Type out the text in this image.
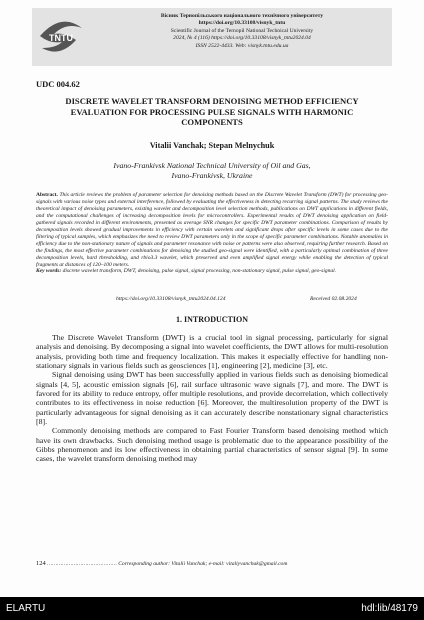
TNTU
Вісник Тернопільського національного технічного університету
https://doi.org/10.33108/visnyk_tntu
Scientific Journal of the Ternopil National Technical University
2024, № 4 (116) https://doi.org/10.33108/visnyk_tntu2024.04
ISSN 2522-4433. Web: visnyk.tntu.edu.ua
UDC 004.62
DISCRETE WAVELET TRANSFORM DENOISING METHOD EFFICIENCY EVALUATION FOR PROCESSING PULSE SIGNALS WITH HARMONIC COMPONENTS
Vitalii Vanchak; Stepan Melnychuk
Ivano-Frankivsk National Technical University of Oil and Gas,
Ivano-Frankivsk, Ukraine
Abstract. This article reviews the problem of parameter selection for denoising methods based on the Discrete Wavelet Transform (DWT) for processing geo-signals with various noise types and external interference, followed by evaluating the effectiveness in detecting recurring signal patterns. The study reviews the theoretical impact of denoising parameters, existing wavelet and decomposition level selection methods, publications on DWT applications in different fields, and the computational challenges of increasing decomposition levels for microcontrollers. Experimental results of DWT denoising application on field-gathered signals recorded in different environments, presented as average SNR changes for specific DWT parameter combinations. Comparison of results by decomposition levels showed gradual improvements in efficiency with certain wavelets and significant drops after specific levels in some cases due to the filtering of typical samples, which emphasizes the need to review DWT parameters only in the scope of specific parameter combinations. Notable anomalies in efficiency due to the non-stationary nature of signals and parameter resonance with noise or patterns were also observed, requiring further research. Based on the findings, the most effective parameter combinations for denoising the studied geo-signal were identified, with a particularly optimal combination of three decomposition levels, hard thresholding, and rbio3.3 wavelet, which preserved and even amplified signal energy while enabling the detection of typical fragments at distances of 120–100 meters.
Key words: discrete wavelet transform, DWT, denoising, pulse signal, signal processing, non-stationary signal, pulse signal, geo-signal.
https://doi.org/10.33108/visnyk_tntu2024.04.124	Received 02.08.2024
1. INTRODUCTION

The Discrete Wavelet Transform (DWT) is a crucial tool in signal processing, particularly for signal analysis and denoising. By decomposing a signal into wavelet coefficients, the DWT allows for multi-resolution analysis, providing both time and frequency localization. This makes it especially effective for handling non-stationary signals in various fields such as geosciences [1], engineering [2], medicine [3], etc.

Signal denoising using DWT has been successfully applied in various fields such as denoising biomedical signals [4, 5], acoustic emission signals [6], rail surface ultrasonic wave signals [7], and more. The DWT is favored for its ability to reduce entropy, offer multiple resolutions, and provide decorrelation, which collectively contributes to its effectiveness in noise reduction [6]. Moreover, the multiresolution property of the DWT is particularly advantageous for signal denoising as it can accurately describe nonstationary signal characteristics [8].

Commonly denoising methods are compared to Fast Fourier Transform based denoising method which have its own drawbacks. Such denoising method usage is problematic due to the appearance possibility of the Gibbs phenomenon and its low effectiveness in obtaining partial characteristics of sensor signal [9]. In some cases, the wavelet transform denoising method may

124 …………………………………… Corresponding author: Vitalii Vanchak; e-mail: vitaliyvanchak@gmail.com
ELARTU	hdl:lib/48179
